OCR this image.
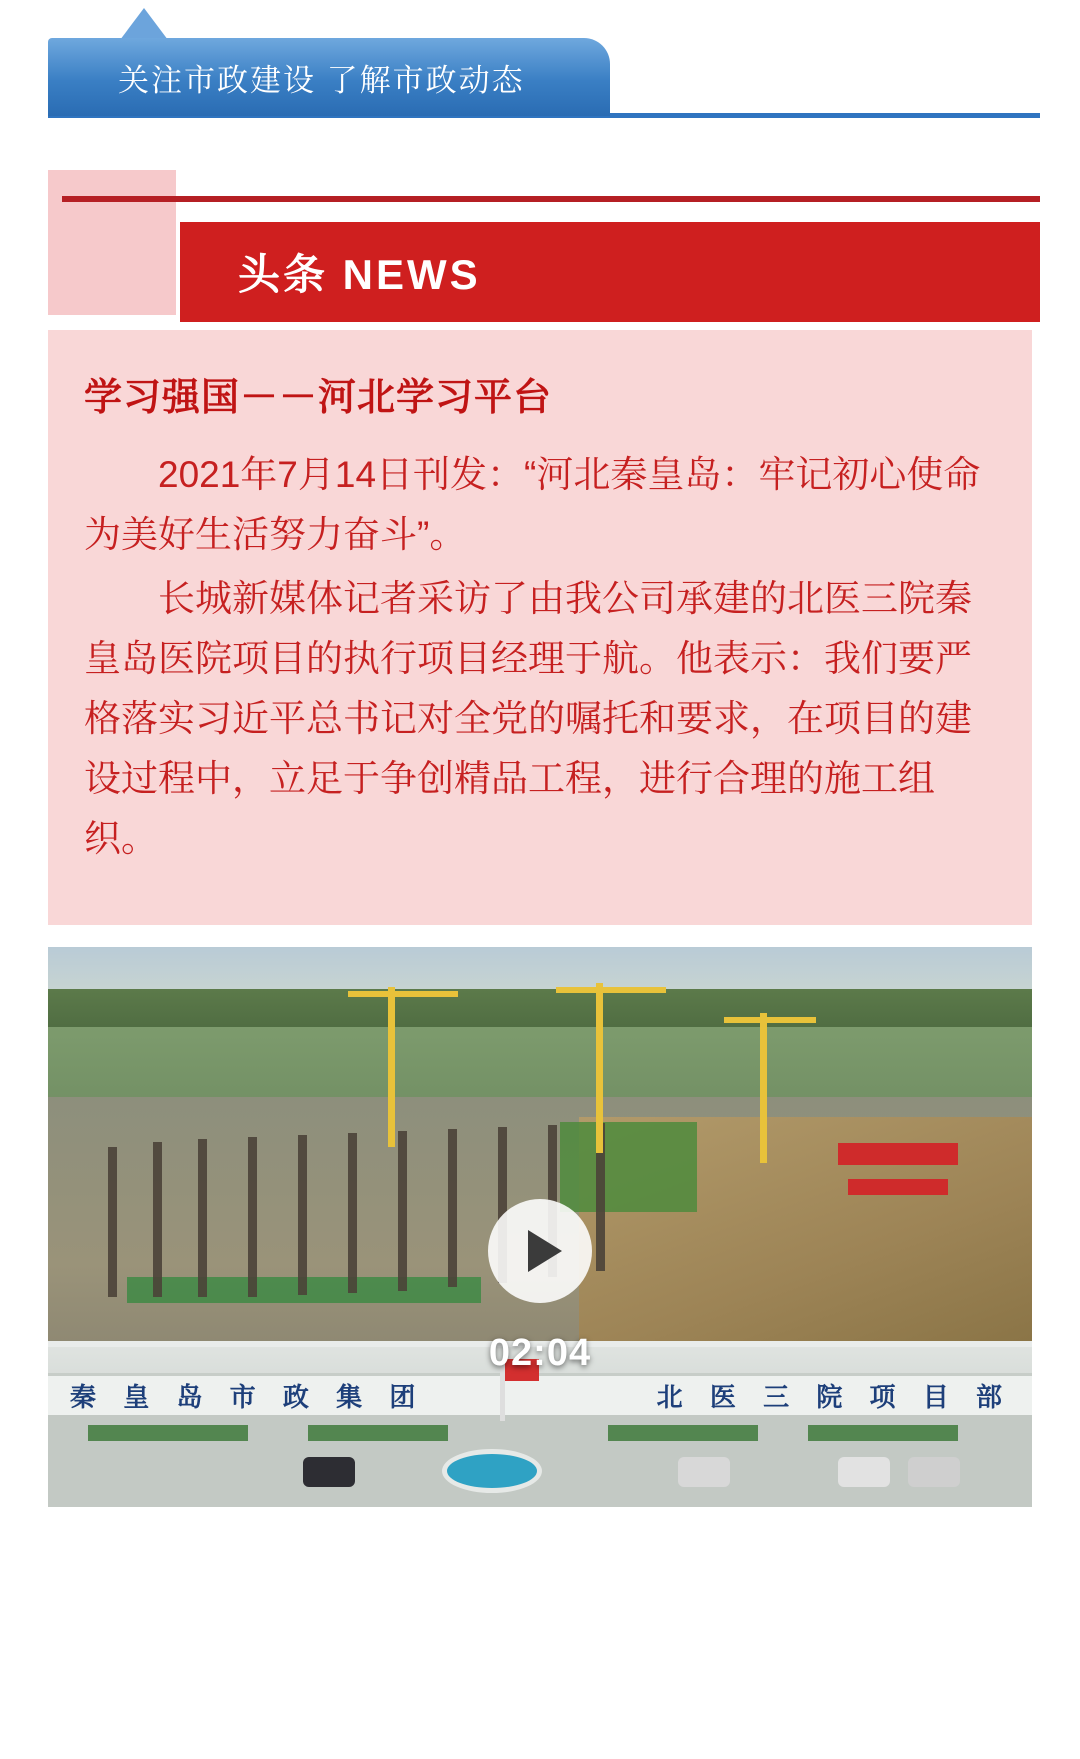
关注市政建设 了解市政动态
头条 NEWS
学习强国－－河北学习平台

2021年7月14日刊发：“河北秦皇岛：牢记初心使命 为美好生活努力奋斗”。

长城新媒体记者采访了由我公司承建的北医三院秦皇岛医院项目的执行项目经理于航。他表示：我们要严格落实习近平总书记对全党的嘱托和要求，在项目的建设过程中，立足于争创精品工程，进行合理的施工组织。

秦 皇 岛 市 政 集 团	北 医 三 院 项 目 部
02:04
